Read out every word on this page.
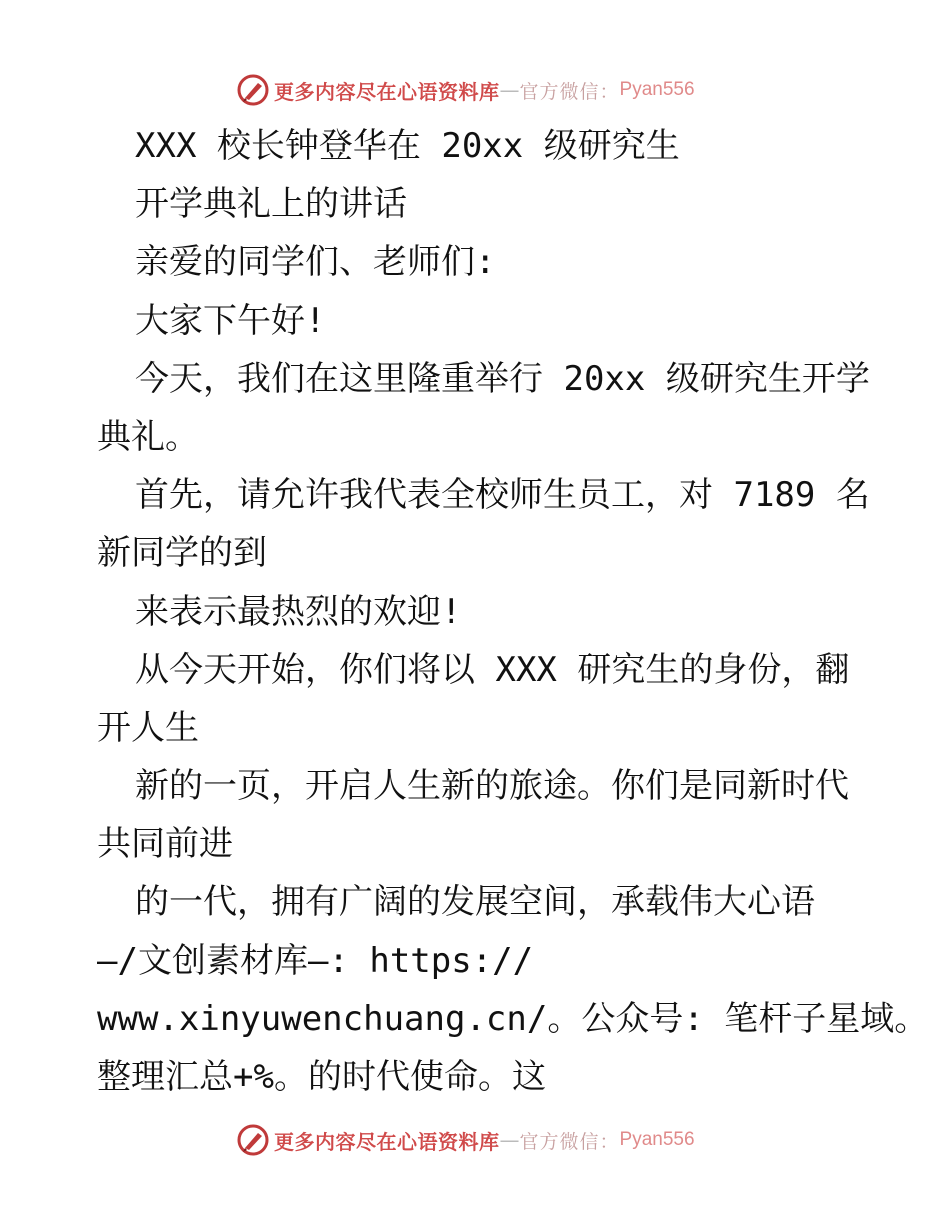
更多内容尽在心语资料库 — 官方微信： Pyan556
XXX 校长钟登华在 20xx 级研究生
开学典礼上的讲话
亲爱的同学们、老师们:
大家下午好!
今天，我们在这里隆重举行 20xx 级研究生开学
典礼。
首先，请允许我代表全校师生员工，对 7189 名
新同学的到
来表示最热烈的欢迎!
从今天开始，你们将以 XXX 研究生的身份，翻
开人生
新的一页，开启人生新的旅途。你们是同新时代
共同前进
的一代，拥有广阔的发展空间，承载伟大心语
—/文创素材库—: https://
www.xinyuwenchuang.cn/。公众号: 笔杆子星域。
整理汇总+%。的时代使命。这
更多内容尽在心语资料库 — 官方微信： Pyan556
